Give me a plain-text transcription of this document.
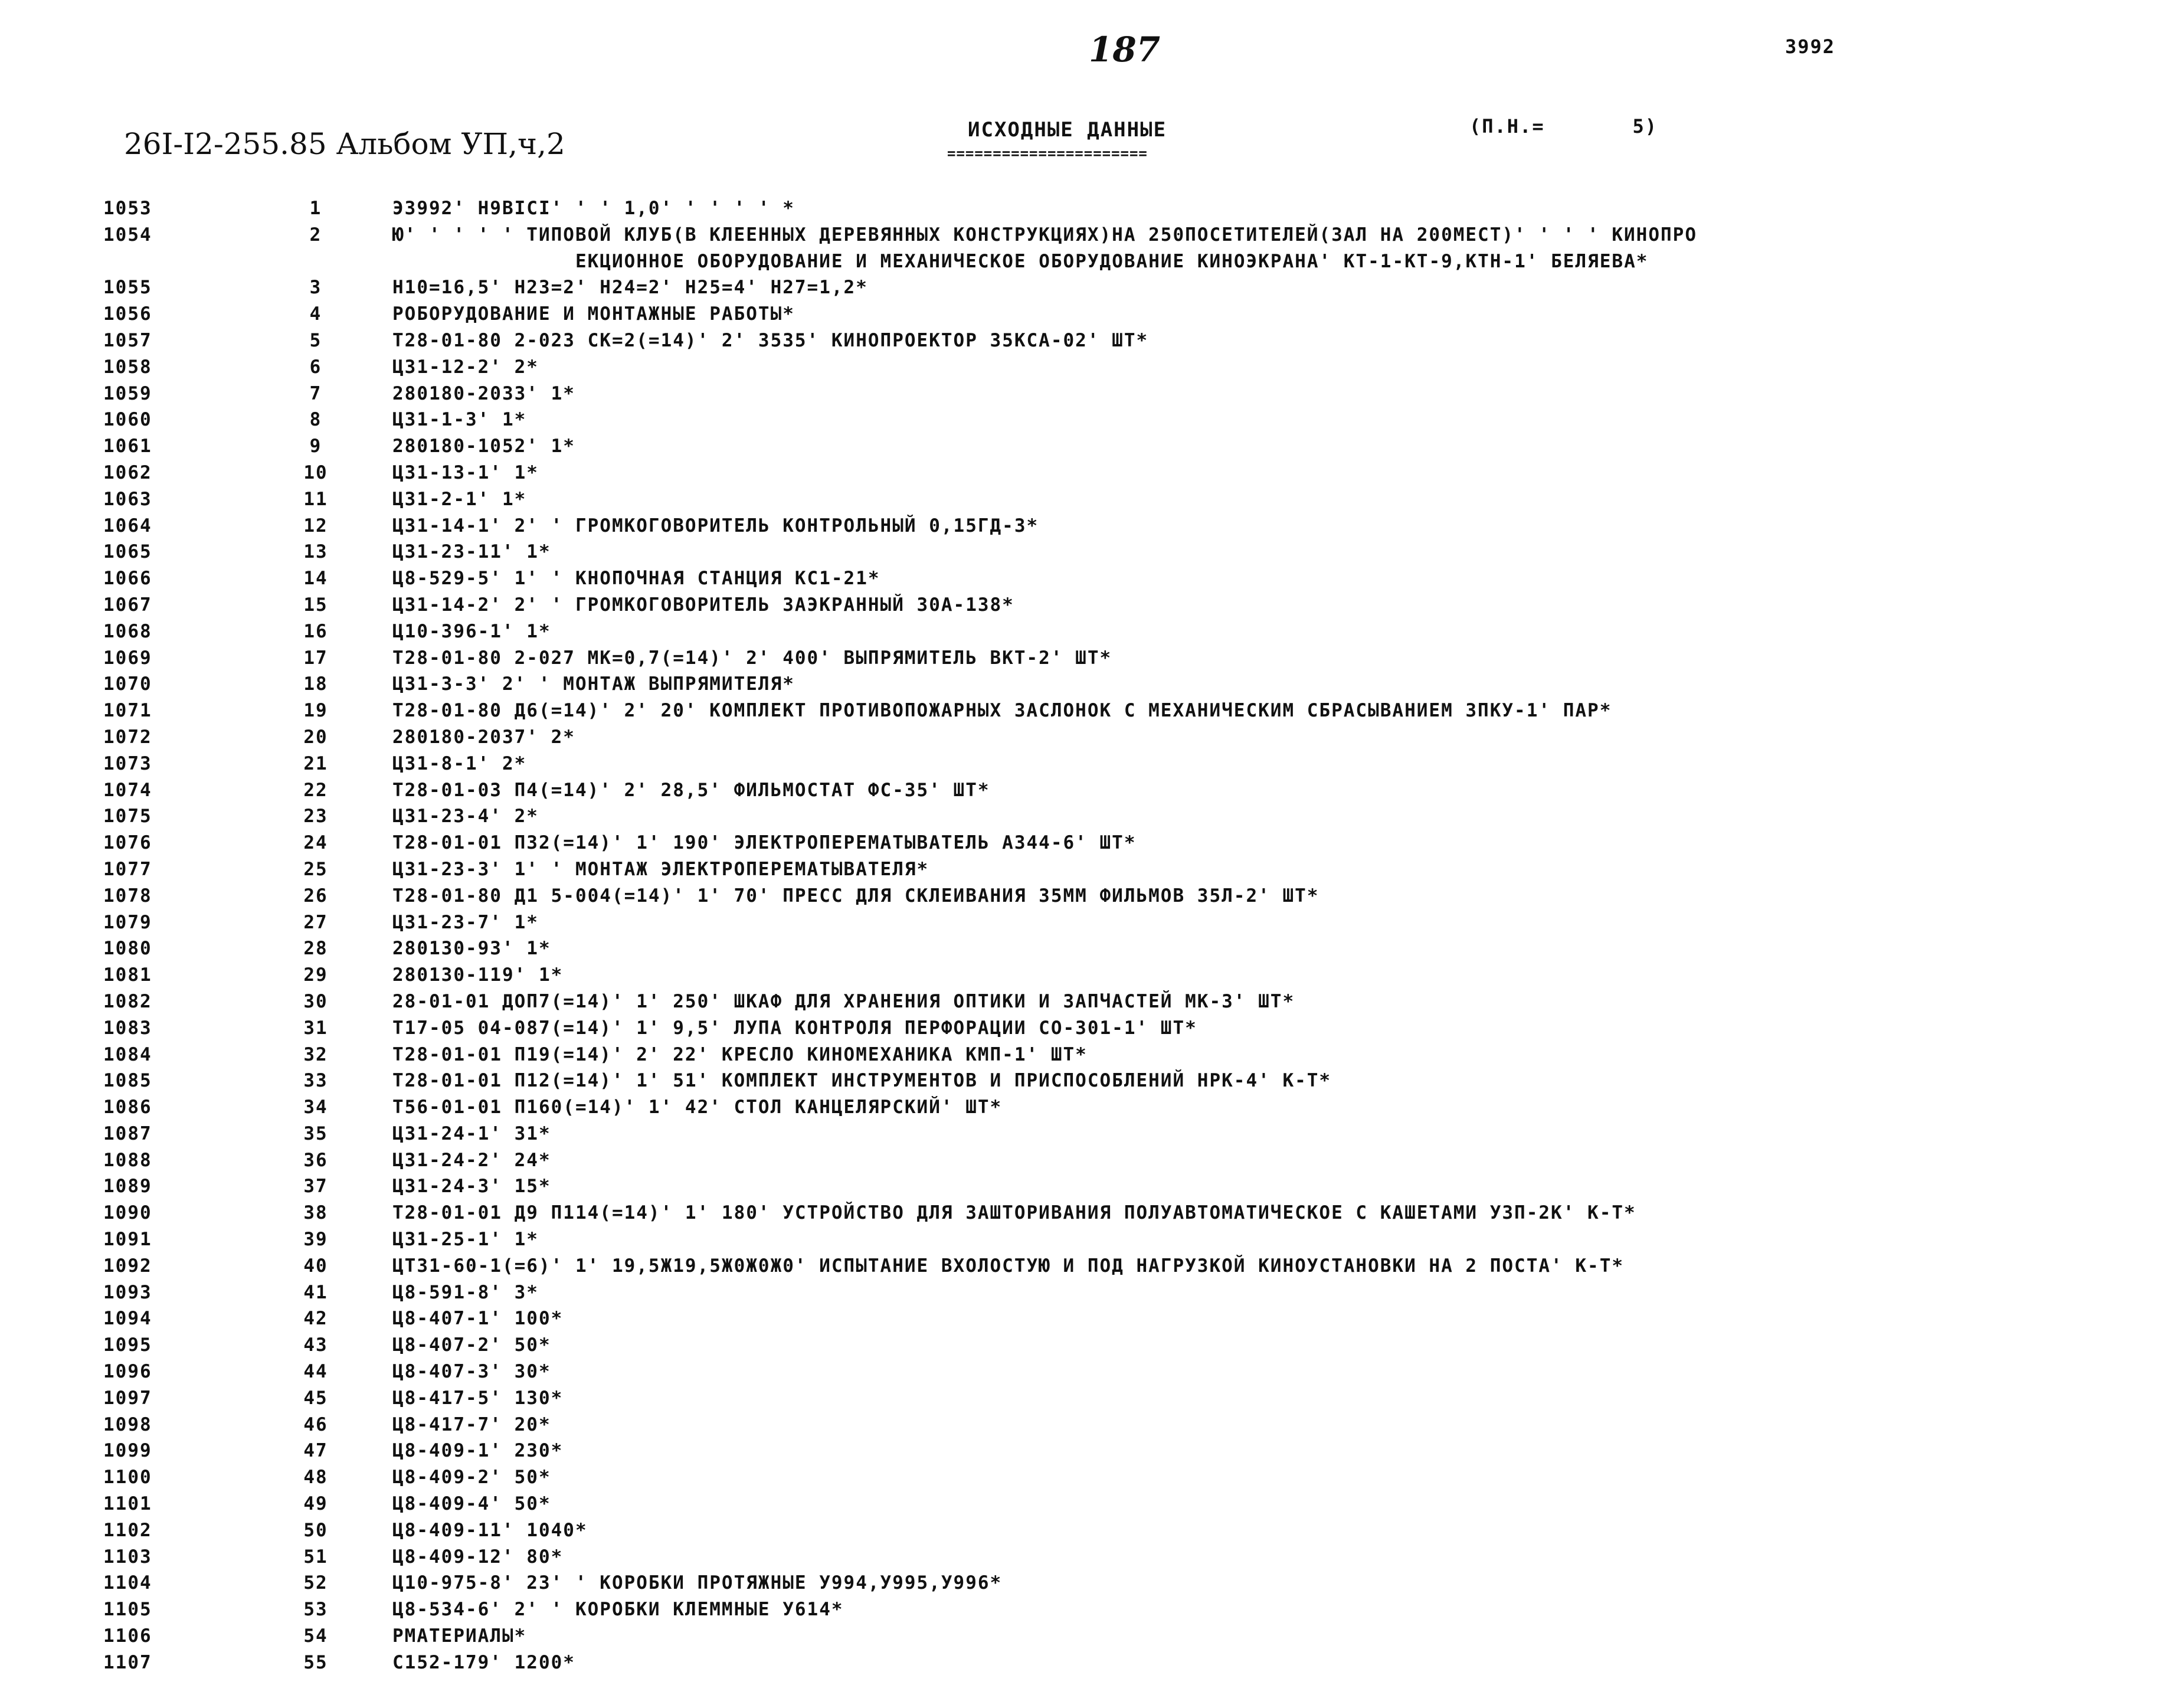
187	3992
26I-I2-255.85 Альбом УП,ч,2	ИСХОДНЫЕ ДАННЫЕ
======================
(П.Н.=       5)
1053	1	Э3992' Н9ВIСI' ' ' 1,0' ' ' ' ' *
1054	2	Ю' ' ' ' ' ТИПОВОЙ КЛУБ(В КЛЕЕННЫХ ДЕРЕВЯННЫХ КОНСТРУКЦИЯХ)НА 250ПОСЕТИТЕЛЕЙ(ЗАЛ НА 200МЕСТ)' ' ' ' КИНОПРО
ЕКЦИОННОЕ ОБОРУДОВАНИЕ И МЕХАНИЧЕСКОЕ ОБОРУДОВАНИЕ КИНОЭКРАНА' КТ-1-КТ-9,КТН-1' БЕЛЯЕВА*
1055	3	Н10=16,5' Н23=2' Н24=2' Н25=4' Н27=1,2*
1056	4	РОБОРУДОВАНИЕ И МОНТАЖНЫЕ РАБОТЫ*
1057	5	Т28-01-80 2-023 СК=2(=14)' 2' 3535' КИНОПРОЕКТОР 35КСА-02' ШТ*
1058	6	Ц31-12-2' 2*
1059	7	280180-2033' 1*
1060	8	Ц31-1-3' 1*
1061	9	280180-1052' 1*
1062	10	Ц31-13-1' 1*
1063	11	Ц31-2-1' 1*
1064	12	Ц31-14-1' 2' ' ГРОМКОГОВОРИТЕЛЬ КОНТРОЛЬНЫЙ 0,15ГД-3*
1065	13	Ц31-23-11' 1*
1066	14	Ц8-529-5' 1' ' КНОПОЧНАЯ СТАНЦИЯ КС1-21*
1067	15	Ц31-14-2' 2' ' ГРОМКОГОВОРИТЕЛЬ ЗАЭКРАННЫЙ 30А-138*
1068	16	Ц10-396-1' 1*
1069	17	Т28-01-80 2-027 МК=0,7(=14)' 2' 400' ВЫПРЯМИТЕЛЬ ВКТ-2' ШТ*
1070	18	Ц31-3-3' 2' ' МОНТАЖ ВЫПРЯМИТЕЛЯ*
1071	19	Т28-01-80 Д6(=14)' 2' 20' КОМПЛЕКТ ПРОТИВОПОЖАРНЫХ ЗАСЛОНОК С МЕХАНИЧЕСКИМ СБРАСЫВАНИЕМ ЗПКУ-1' ПАР*
1072	20	280180-2037' 2*
1073	21	Ц31-8-1' 2*
1074	22	Т28-01-03 П4(=14)' 2' 28,5' ФИЛЬМОСТАТ ФС-35' ШТ*
1075	23	Ц31-23-4' 2*
1076	24	Т28-01-01 П32(=14)' 1' 190' ЭЛЕКТРОПЕРЕМАТЫВАТЕЛЬ А344-6' ШТ*
1077	25	Ц31-23-3' 1' ' МОНТАЖ ЭЛЕКТРОПЕРЕМАТЫВАТЕЛЯ*
1078	26	Т28-01-80 Д1 5-004(=14)' 1' 70' ПРЕСС ДЛЯ СКЛЕИВАНИЯ 35ММ ФИЛЬМОВ 35Л-2' ШТ*
1079	27	Ц31-23-7' 1*
1080	28	280130-93' 1*
1081	29	280130-119' 1*
1082	30	28-01-01 ДОП7(=14)' 1' 250' ШКАФ ДЛЯ ХРАНЕНИЯ ОПТИКИ И ЗАПЧАСТЕЙ МК-3' ШТ*
1083	31	Т17-05 04-087(=14)' 1' 9,5' ЛУПА КОНТРОЛЯ ПЕРФОРАЦИИ СО-301-1' ШТ*
1084	32	Т28-01-01 П19(=14)' 2' 22' КРЕСЛО КИНОМЕХАНИКА КМП-1' ШТ*
1085	33	Т28-01-01 П12(=14)' 1' 51' КОМПЛЕКТ ИНСТРУМЕНТОВ И ПРИСПОСОБЛЕНИЙ НРК-4' К-Т*
1086	34	Т56-01-01 П160(=14)' 1' 42' СТОЛ КАНЦЕЛЯРСКИЙ' ШТ*
1087	35	Ц31-24-1' 31*
1088	36	Ц31-24-2' 24*
1089	37	Ц31-24-3' 15*
1090	38	Т28-01-01 Д9 П114(=14)' 1' 180' УСТРОЙСТВО ДЛЯ ЗАШТОРИВАНИЯ ПОЛУАВТОМАТИЧЕСКОЕ С КАШЕТАМИ УЗП-2К' К-Т*
1091	39	Ц31-25-1' 1*
1092	40	ЦТ31-60-1(=6)' 1' 19,5Ж19,5Ж0Ж0Ж0' ИСПЫТАНИЕ ВХОЛОСТУЮ И ПОД НАГРУЗКОЙ КИНОУСТАНОВКИ НА 2 ПОСТА' К-Т*
1093	41	Ц8-591-8' 3*
1094	42	Ц8-407-1' 100*
1095	43	Ц8-407-2' 50*
1096	44	Ц8-407-3' 30*
1097	45	Ц8-417-5' 130*
1098	46	Ц8-417-7' 20*
1099	47	Ц8-409-1' 230*
1100	48	Ц8-409-2' 50*
1101	49	Ц8-409-4' 50*
1102	50	Ц8-409-11' 1040*
1103	51	Ц8-409-12' 80*
1104	52	Ц10-975-8' 23' ' КОРОБКИ ПРОТЯЖНЫЕ У994,У995,У996*
1105	53	Ц8-534-6' 2' ' КОРОБКИ КЛЕММНЫЕ У614*
1106	54	РМАТЕРИАЛЫ*
1107	55	С152-179' 1200*
